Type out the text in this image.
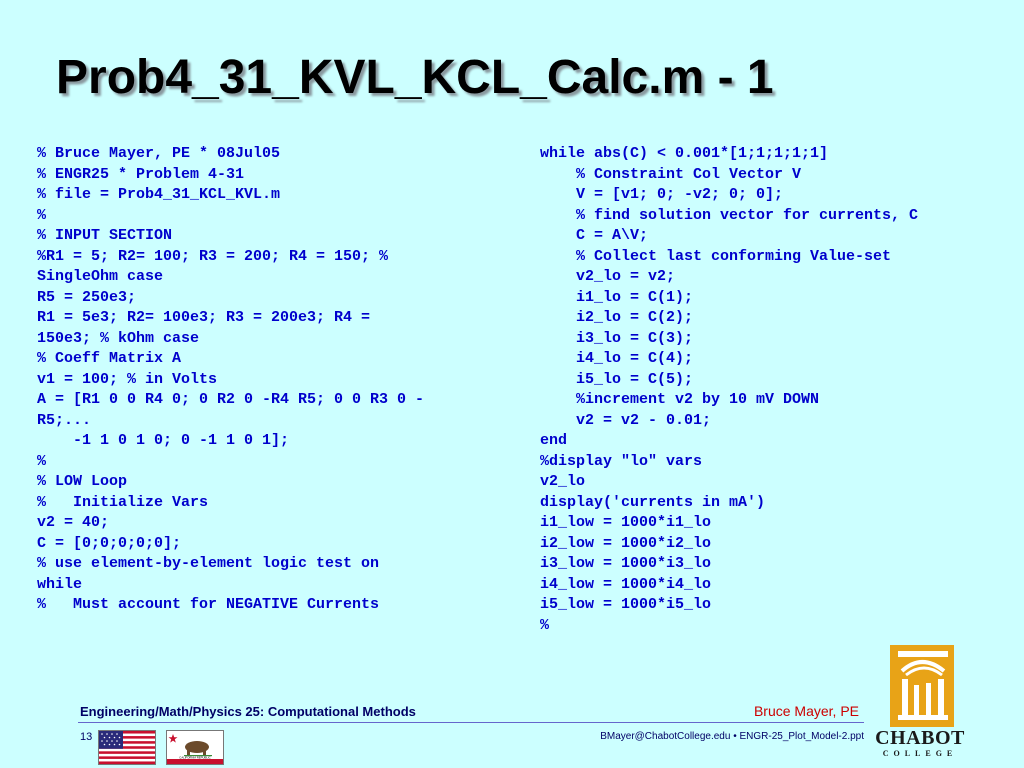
Prob4_31_KVL_KCL_Calc.m - 1
% Bruce Mayer, PE * 08Jul05
% ENGR25 * Problem 4-31
% file = Prob4_31_KCL_KVL.m
%
% INPUT SECTION
%R1 = 5; R2= 100; R3 = 200; R4 = 150; %
SingleOhm case
R5 = 250e3;
R1 = 5e3; R2= 100e3; R3 = 200e3; R4 =
150e3; % kOhm case
% Coeff Matrix A
v1 = 100; % in Volts
A = [R1 0 0 R4 0; 0 R2 0 -R4 R5; 0 0 R3 0 -
R5;...
-1 1 0 1 0; 0 -1 1 0 1];
%
% LOW Loop
%   Initialize Vars
v2 = 40;
C = [0;0;0;0;0];
% use element-by-element logic test on
while
%   Must account for NEGATIVE Currents
while abs(C) < 0.001*[1;1;1;1;1]
% Constraint Col Vector V
V = [v1; 0; -v2; 0; 0];
% find solution vector for currents, C
C = A\V;
% Collect last conforming Value-set
v2_lo = v2;
i1_lo = C(1);
i2_lo = C(2);
i3_lo = C(3);
i4_lo = C(4);
i5_lo = C(5);
%increment v2 by 10 mV DOWN
v2 = v2 - 0.01;
end
%display "lo" vars
v2_lo
display('currents in mA')
i1_low = 1000*i1_lo
i2_low = 1000*i2_lo
i3_low = 1000*i3_lo
i4_low = 1000*i4_lo
i5_low = 1000*i5_lo
%
Engineering/Math/Physics 25: Computational Methods	Bruce Mayer, PE
13	BMayer@ChabotCollege.edu • ENGR-25_Plot_Model-2.ppt
CALIFORNIA REPUBLIC
CHABOT
COLLEGE
